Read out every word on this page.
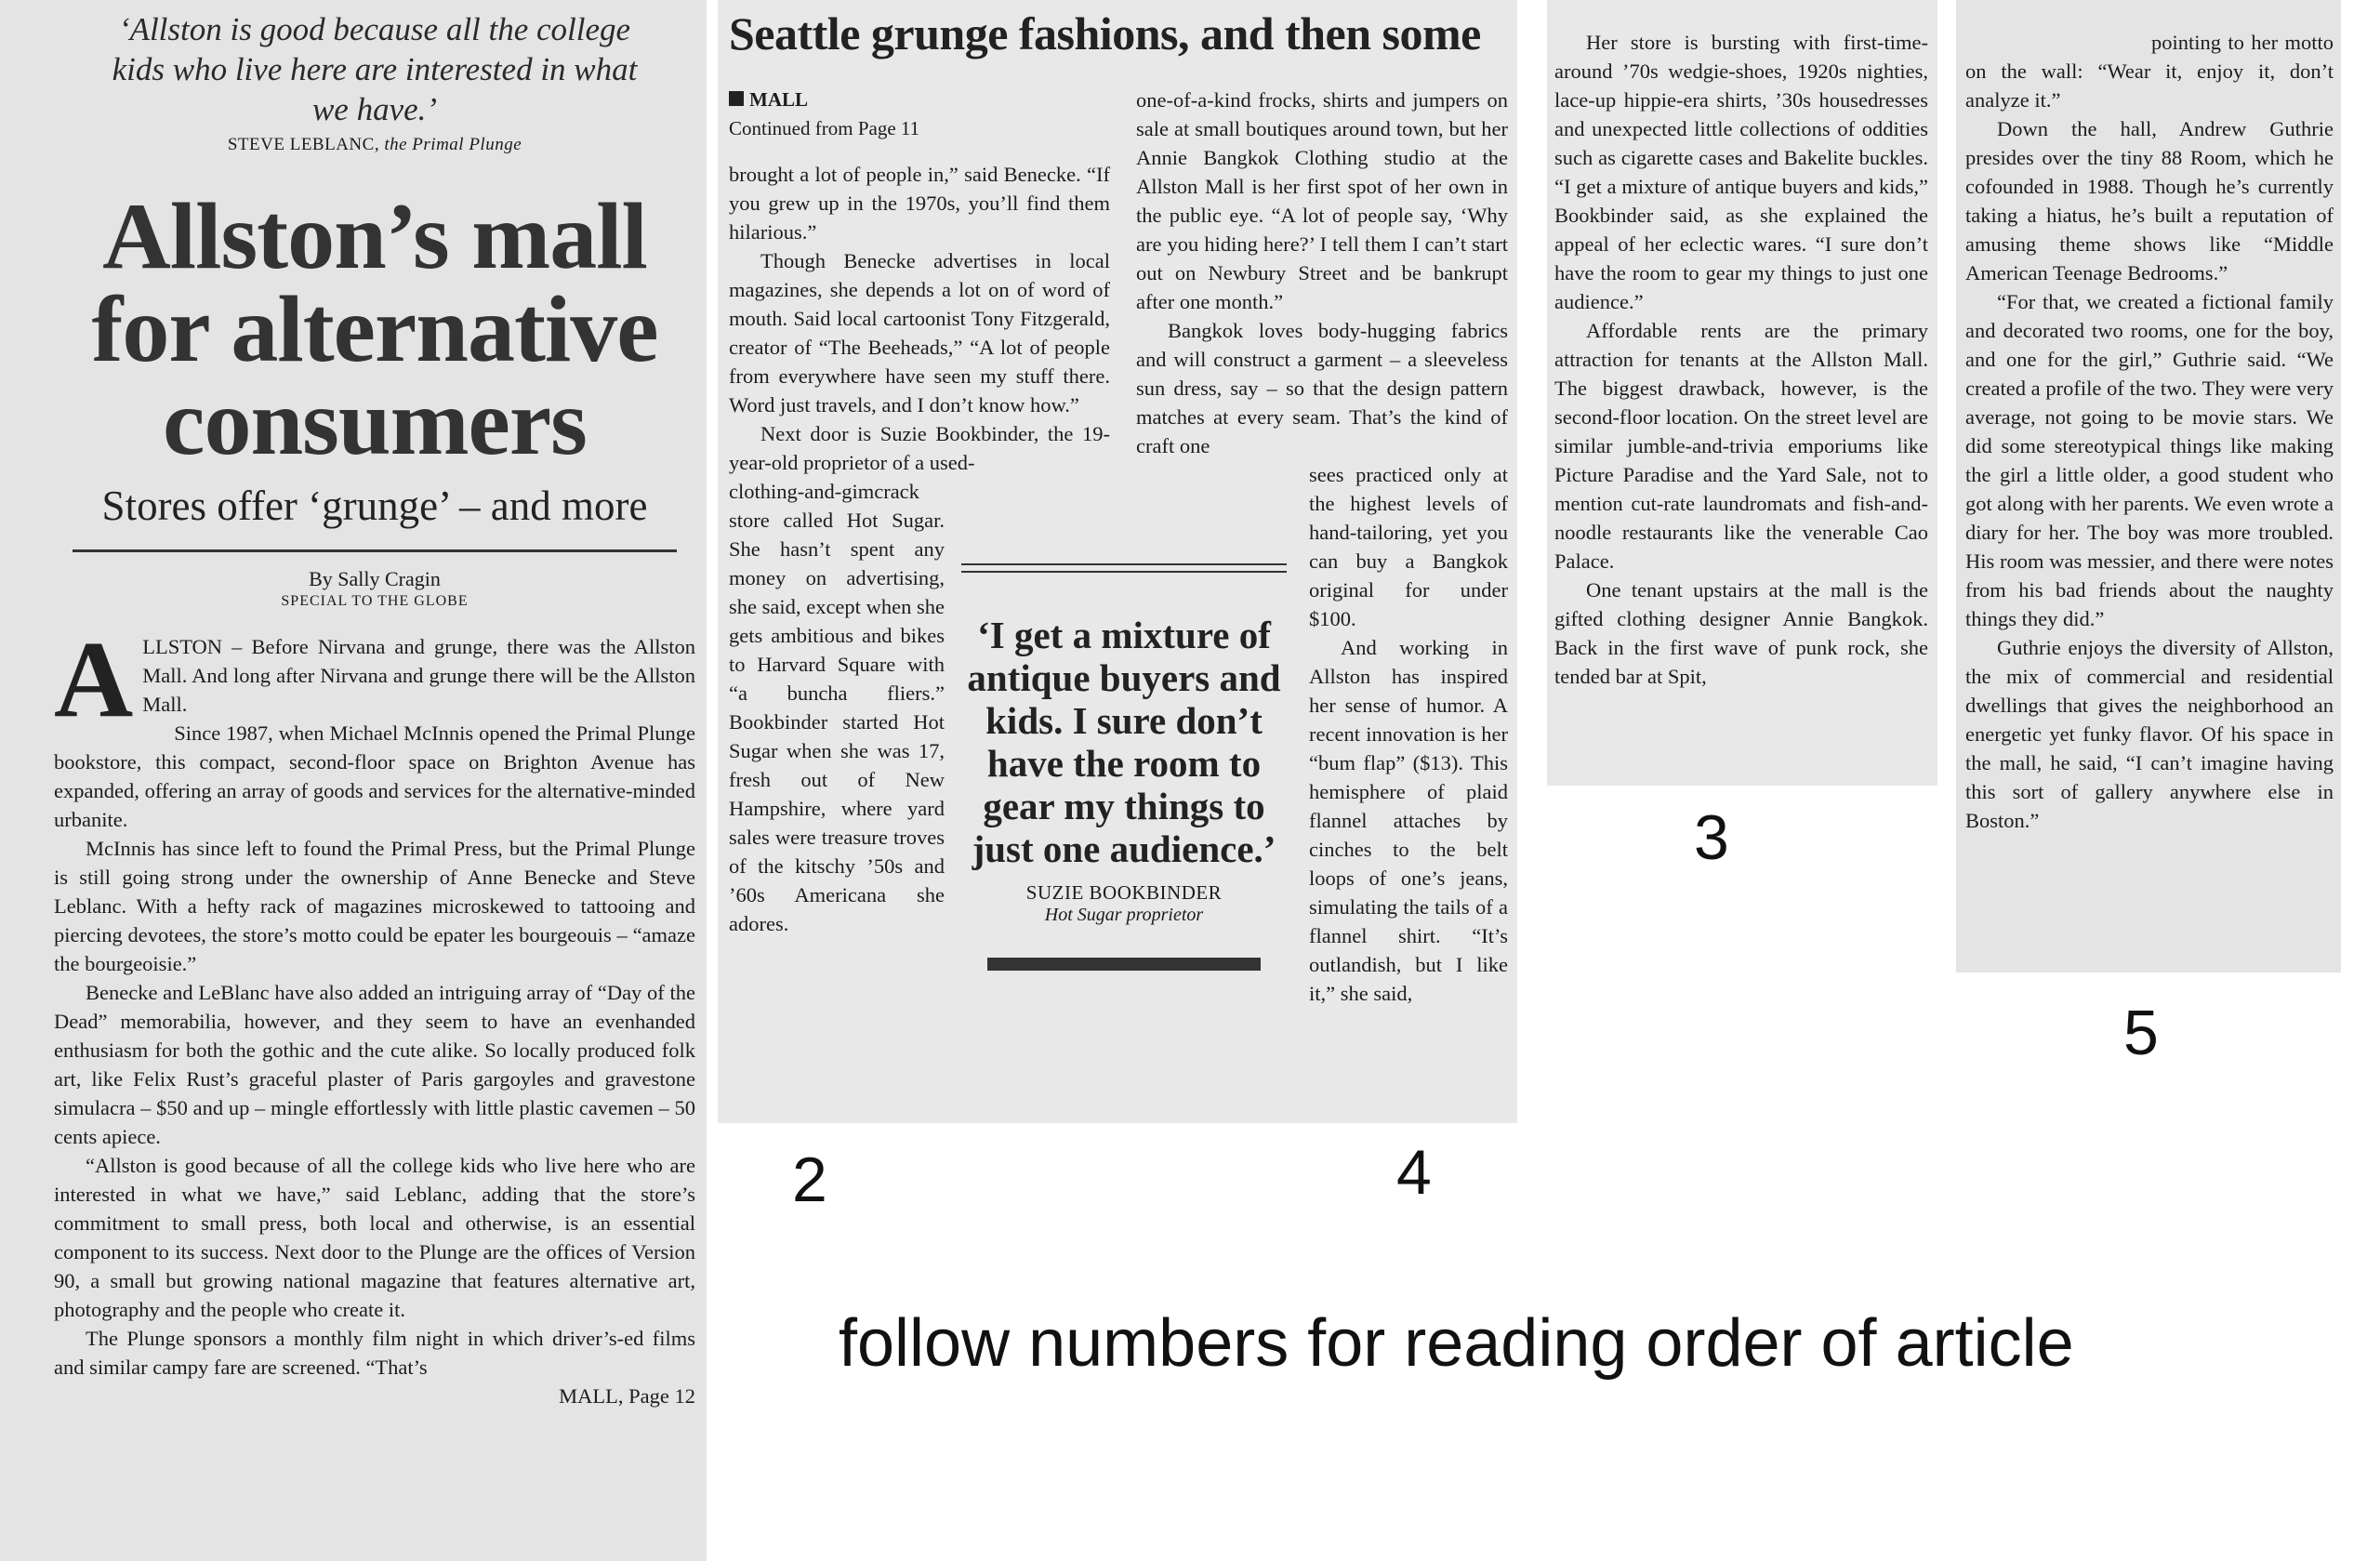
‘Allston is good because all the college kids who live here are interested in what we have.’
STEVE LEBLANC, the Primal Plunge
Allston’s mall for alternative consumers
Stores offer ‘grunge’ – and more
By Sally Cragin
SPECIAL TO THE GLOBE

ALLSTON – Before Nirvana and grunge, there was the Allston Mall. And long after Nirvana and grunge there will be the Allston Mall.

Since 1987, when Michael McInnis opened the Primal Plunge bookstore, this compact, second-floor space on Brighton Avenue has expanded, offering an array of goods and services for the alternative-minded urbanite.

McInnis has since left to found the Primal Press, but the Primal Plunge is still going strong under the ownership of Anne Benecke and Steve Leblanc. With a hefty rack of magazines microskewed to tattooing and piercing devotees, the store’s motto could be epater les bourgeouis – “amaze the bourgeoisie.”

Benecke and LeBlanc have also added an intriguing array of “Day of the Dead” memorabilia, however, and they seem to have an evenhanded enthusiasm for both the gothic and the cute alike. So locally produced folk art, like Felix Rust’s graceful plaster of Paris gargoyles and gravestone simulacra – $50 and up – mingle effortlessly with little plastic cavemen – 50 cents apiece.

“Allston is good because of all the college kids who live here who are interested in what we have,” said Leblanc, adding that the store’s commitment to small press, both local and otherwise, is an essential component to its success. Next door to the Plunge are the offices of Version 90, a small but growing national magazine that features alternative art, photography and the people who create it.

The Plunge sponsors a monthly film night in which driver’s-ed films and similar campy fare are screened. “That’s

MALL, Page 12

Seattle grunge fashions, and then some
MALL
Continued from Page 11

brought a lot of people in,” said Benecke. “If you grew up in the 1970s, you’ll find them hilarious.”

Though Benecke advertises in local magazines, she depends a lot on of word of mouth. Said local cartoonist Tony Fitzgerald, creator of “The Beeheads,” “A lot of people from everywhere have seen my stuff there. Word just travels, and I don’t know how.”

Next door is Suzie Bookbinder, the 19-year-old proprietor of a used-

clothing-and-gimcrack store called Hot Sugar. She hasn’t spent any money on advertising, she said, except when she gets ambitious and bikes to Harvard Square with “a buncha fliers.” Bookbinder started Hot Sugar when she was 17, fresh out of New Hampshire, where yard sales were treasure troves of the kitschy ’50s and ’60s Americana she adores.

one-of-a-kind frocks, shirts and jumpers on sale at small boutiques around town, but her Annie Bangkok Clothing studio at the Allston Mall is her first spot of her own in the public eye. “A lot of people say, ‘Why are you hiding here?’ I tell them I can’t start out on Newbury Street and be bankrupt after one month.”

Bangkok loves body-hugging fabrics and will construct a garment – a sleeveless sun dress, say – so that the design pattern matches at every seam. That’s the kind of craft one

sees practiced only at the highest levels of hand-tailoring, yet you can buy a Bangkok original for under $100.

And working in Allston has inspired her sense of humor. A recent innovation is her “bum flap” ($13). This hemisphere of plaid flannel attaches by cinches to the belt loops of one’s jeans, simulating the tails of a flannel shirt. “It’s outlandish, but I like it,” she said,

‘I get a mixture of antique buyers and kids. I sure don’t have the room to gear my things to just one audience.’
SUZIE BOOKBINDER
Hot Sugar proprietor

Her store is bursting with first-time-around ’70s wedgie-shoes, 1920s nighties, lace-up hippie-era shirts, ’30s housedresses and unexpected little collections of oddities such as cigarette cases and Bakelite buckles. “I get a mixture of antique buyers and kids,” Bookbinder said, as she explained the appeal of her eclectic wares. “I sure don’t have the room to gear my things to just one audience.”

Affordable rents are the primary attraction for tenants at the Allston Mall. The biggest drawback, however, is the second-floor location. On the street level are similar jumble-and-trivia emporiums like Picture Paradise and the Yard Sale, not to mention cut-rate laundromats and fish-and-noodle restaurants like the venerable Cao Palace.

One tenant upstairs at the mall is the gifted clothing designer Annie Bangkok. Back in the first wave of punk rock, she tended bar at Spit,

pointing to her motto on the wall: “Wear it, enjoy it, don’t analyze it.”

Down the hall, Andrew Guthrie presides over the tiny 88 Room, which he cofounded in 1988. Though he’s currently taking a hiatus, he’s built a reputation of amusing theme shows like “Middle American Teenage Bedrooms.”

“For that, we created a fictional family and decorated two rooms, one for the boy, and one for the girl,” Guthrie said. “We created a profile of the two. They were very average, not going to be movie stars. We did some stereotypical things like making the girl a little older, a good student who got along with her parents. We even wrote a diary for her. The boy was more troubled. His room was messier, and there were notes from his bad friends about the naughty things they did.”

Guthrie enjoys the diversity of Allston, the mix of commercial and residential dwellings that gives the neighborhood an energetic yet funky flavor. Of his space in the mall, he said, “I can’t imagine having this sort of gallery anywhere else in Boston.”

2
3
4
5
follow numbers for reading order of article
